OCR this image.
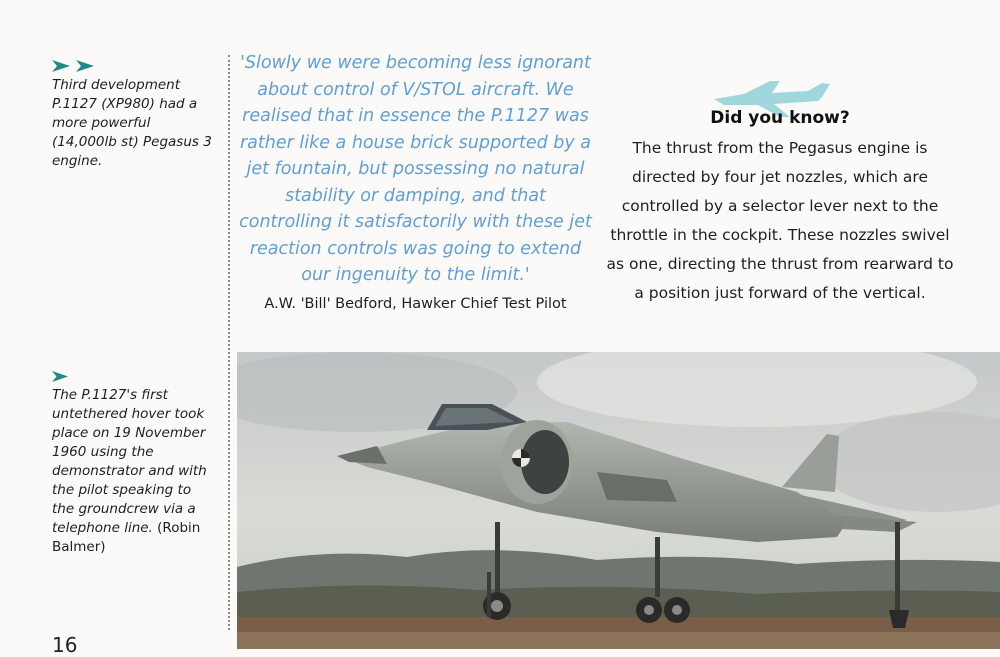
Third development P.1127 (XP980) had a more powerful (14,000lb st) Pegasus 3 engine.
The P.1127's first untethered hover took place on 19 November 1960 using the demonstrator and with the pilot speaking to the groundcrew via a telephone line. (Robin Balmer)

'Slowly we were becoming less ignorant about control of V/STOL aircraft. We realised that in essence the P.1127 was rather like a house brick supported by a jet fountain, but possessing no natural stability or damping, and that controlling it satisfactorily with these jet reaction controls was going to extend our ingenuity to the limit.'

A.W. 'Bill' Bedford, Hawker Chief Test Pilot
Did you know?

The thrust from the Pegasus engine is directed by four jet nozzles, which are controlled by a selector lever next to the throttle in the cockpit. These nozzles swivel as one, directing the thrust from rearward to a position just forward of the vertical.

16
